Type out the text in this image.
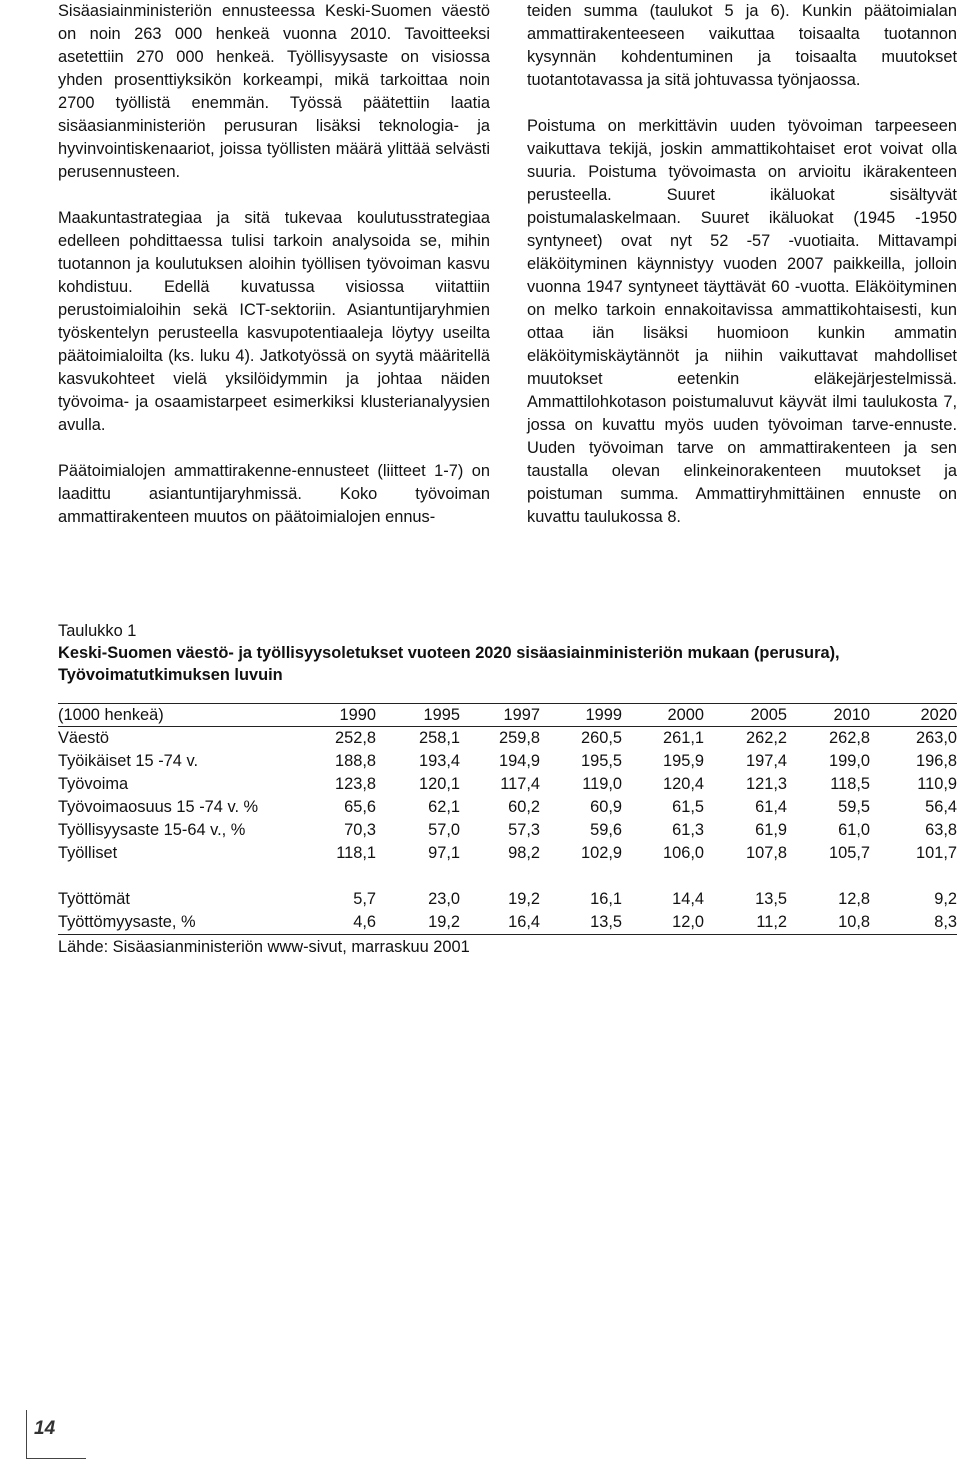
Sisäasiainministeriön ennusteessa Keski-Suomen väestö on noin 263 000 henkeä vuonna 2010. Tavoitteeksi asetettiin 270 000 henkeä. Työllisyysaste on visiossa yhden prosenttiyksikön korkeampi, mikä tarkoittaa noin 2700 työllistä enemmän. Työssä päätettiin laatia sisäasianministeriön perusuran lisäksi teknologia- ja hyvinvointiskenaariot, joissa työllisten määrä ylittää selvästi perusennusteen.

Maakuntastrategiaa ja sitä tukevaa koulutusstrategiaa edelleen pohdittaessa tulisi tarkoin analysoida se, mihin tuotannon ja koulutuksen aloihin työllisen työvoiman kasvu kohdistuu. Edellä kuvatussa visiossa viitattiin perustoimialoihin sekä ICT-sektoriin. Asiantuntijaryhmien työskentelyn perusteella kasvupotentiaaleja löytyy useilta päätoimialoilta (ks. luku 4). Jatkotyössä on syytä määritellä kasvukohteet vielä yksilöidymmin ja johtaa näiden työvoima- ja osaamistarpeet esimerkiksi klusterianalyysien avulla.

Päätoimialojen ammattirakenne-ennusteet (liitteet 1-7) on laadittu asiantuntijaryhmissä. Koko työvoiman ammattirakenteen muutos on päätoimialojen ennus-

teiden summa (taulukot 5 ja 6). Kunkin päätoimialan ammattirakenteeseen vaikuttaa toisaalta tuotannon kysynnän kohdentuminen ja toisaalta muutokset tuotantotavassa ja sitä johtuvassa työnjaossa.

Poistuma on merkittävin uuden työvoiman tarpeeseen vaikuttava tekijä, joskin ammattikohtaiset erot voivat olla suuria. Poistuma työvoimasta on arvioitu ikärakenteen perusteella. Suuret ikäluokat sisältyvät poistumalaskelmaan. Suuret ikäluokat (1945 -1950 syntyneet) ovat nyt 52 -57 -vuotiaita. Mittavampi eläköityminen käynnistyy vuoden 2007 paikkeilla, jolloin vuonna 1947 syntyneet täyttävät 60 -vuotta. Eläköityminen on melko tarkoin ennakoitavissa ammattikohtaisesti, kun ottaa iän lisäksi huomioon kunkin ammatin eläköitymiskäytännöt ja niihin vaikuttavat mahdolliset muutokset eetenkin eläkejärjestelmissä. Ammattilohkotason poistumaluvut käyvät ilmi taulukosta 7, jossa on kuvattu myös uuden työvoiman tarve-ennuste. Uuden työvoiman tarve on ammattirakenteen ja sen taustalla olevan elinkeinorakenteen muutokset ja poistuman summa. Ammattiryhmittäinen ennuste on kuvattu taulukossa 8.

Taulukko 1
Keski-Suomen väestö- ja työllisyysoletukset vuoteen 2020 sisäasiainministeriön mukaan (perusura), Työvoimatutkimuksen luvuin
(1000 henkeä)	1990	1995	1997	1999	2000	2005	2010	2020
Väestö	252,8	258,1	259,8	260,5	261,1	262,2	262,8	263,0
Työikäiset 15 -74 v.	188,8	193,4	194,9	195,5	195,9	197,4	199,0	196,8
Työvoima	123,8	120,1	117,4	119,0	120,4	121,3	118,5	110,9
Työvoimaosuus 15 -74 v. %	65,6	62,1	60,2	60,9	61,5	61,4	59,5	56,4
Työllisyysaste 15-64 v., %	70,3	57,0	57,3	59,6	61,3	61,9	61,0	63,8
Työlliset	118,1	97,1	98,2	102,9	106,0	107,8	105,7	101,7

Työttömät	5,7	23,0	19,2	16,1	14,4	13,5	12,8	9,2
Työttömyysaste, %	4,6	19,2	16,4	13,5	12,0	11,2	10,8	8,3
Lähde: Sisäasianministeriön www-sivut, marraskuu 2001
14
